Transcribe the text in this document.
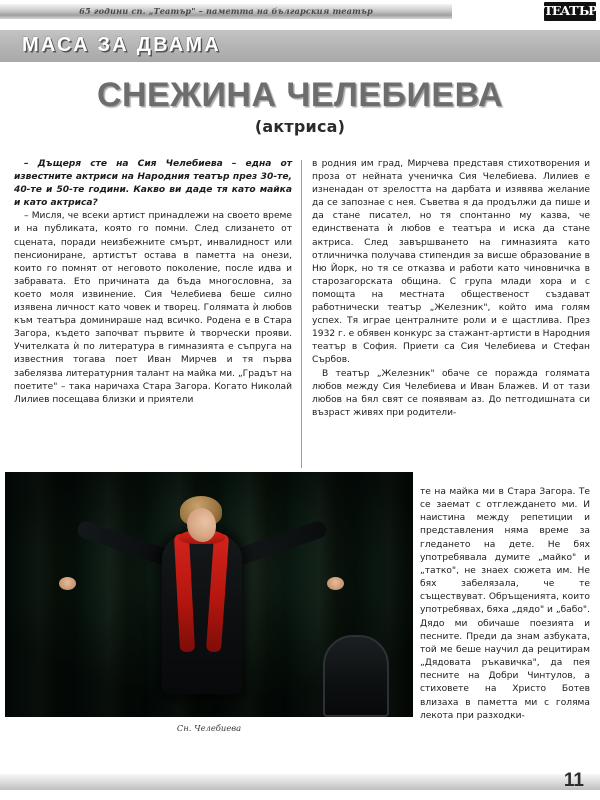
65 години сп. „Театър" – паметта на българския театър	ТЕАТЪР
МАСА ЗА ДВАМА
СНЕЖИНА ЧЕЛЕБИЕВА
(актриса)

– Дъщеря сте на Сия Челебиева – една от известните актриси на Народния театър през 30-те, 40-те и 50-те години. Какво ви даде тя като майка и като актриса?

– Мисля, че всеки артист принадлежи на своето време и на публиката, която го помни. След слизането от сцената, поради неизбежните смърт, инвалидност или пенсиониране, артистът остава в паметта на онези, които го помнят от неговото поколение, после идва и забравата. Ето причината да бъда многословна, за което моля извинение. Сия Челебиева беше силно изявена личност като човек и творец. Голямата ѝ любов към театъра доминираше над всичко. Родена е в Стара Загора, където започват първите ѝ творчески прояви. Учителката ѝ по литература в гимназията е съпруга на известния тогава поет Иван Мирчев и тя първа забелязва литературния талант на майка ми. „Градът на поетите" – така наричаха Стара Загора. Когато Николай Лилиев посещава близки и приятели

в родния им град, Мирчева представя стихотворения и проза от нейната ученичка Сия Челебиева. Лилиев е изненадан от зрелостта на дарбата и изявява желание да се запознае с нея. Съветва я да продължи да пише и да стане писател, но тя спонтанно му казва, че единствената ѝ любов е театъра и иска да стане актриса. След завършването на гимназията като отличничка получава стипендия за висше образование в Ню Йорк, но тя се отказва и работи като чиновничка в старозагорската община. С група млади хора и с помощта на местната общественост създават работнически театър „Железник", който има голям успех. Тя играе централните роли и е щастлива. През 1932 г. е обявен конкурс за стажант-артисти в Народния театър в София. Приети са Сия Челебиева и Стефан Сърбов.

В театър „Железник" обаче се поражда голямата любов между Сия Челебиева и Иван Блажев. И от тази любов на бял свят се появявам аз. До петгодишната си възраст живях при родители-

те на майка ми в Стара Загора. Те се заемат с отглеждането ми. И наистина между репетиции и представления няма време за гледането на дете. Не бях употребявала думите „майко" и „татко", не знаех сюжета им. Не бях забелязала, че те съществуват. Обръщенията, които употребявах, бяха „дядо" и „бабо". Дядо ми обичаше поезията и песните. Преди да знам азбуката, той ме беше научил да рецитирам „Дядовата ръкавичка", да пея песните на Добри Чинтулов, а стиховете на Христо Ботев влизаха в паметта ми с голяма лекота при разходки-

Сн. Челебиева
11
